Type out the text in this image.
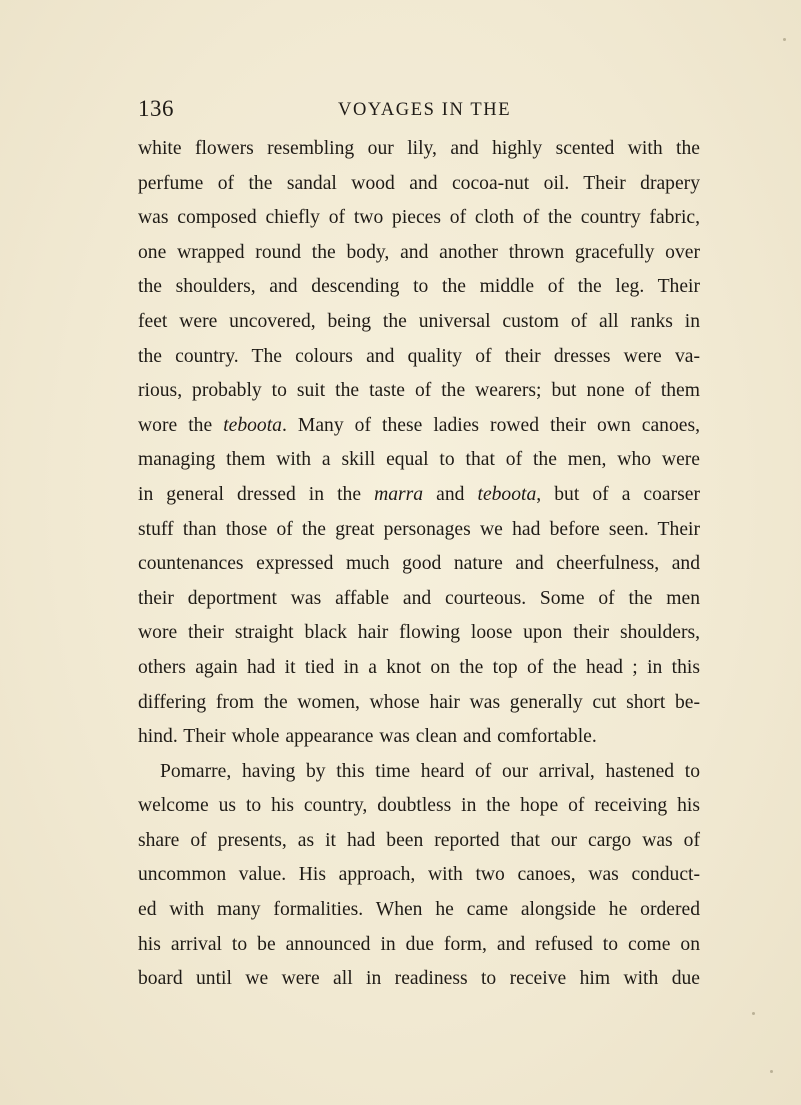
136	VOYAGES IN THE
white flowers resembling our lily, and highly scented with the
perfume of the sandal wood and cocoa-nut oil. Their drapery
was composed chiefly of two pieces of cloth of the country fabric,
one wrapped round the body, and another thrown gracefully over
the shoulders, and descending to the middle of the leg. Their
feet were uncovered, being the universal custom of all ranks in
the country. The colours and quality of their dresses were va-
rious, probably to suit the taste of the wearers; but none of them
wore the teboota. Many of these ladies rowed their own canoes,
managing them with a skill equal to that of the men, who were
in general dressed in the marra and teboota, but of a coarser
stuff than those of the great personages we had before seen. Their
countenances expressed much good nature and cheerfulness, and
their deportment was affable and courteous. Some of the men
wore their straight black hair flowing loose upon their shoulders,
others again had it tied in a knot on the top of the head ; in this
differing from the women, whose hair was generally cut short be-
hind. Their whole appearance was clean and comfortable.
Pomarre, having by this time heard of our arrival, hastened to
welcome us to his country, doubtless in the hope of receiving his
share of presents, as it had been reported that our cargo was of
uncommon value. His approach, with two canoes, was conduct-
ed with many formalities. When he came alongside he ordered
his arrival to be announced in due form, and refused to come on
board until we were all in readiness to receive him with due
